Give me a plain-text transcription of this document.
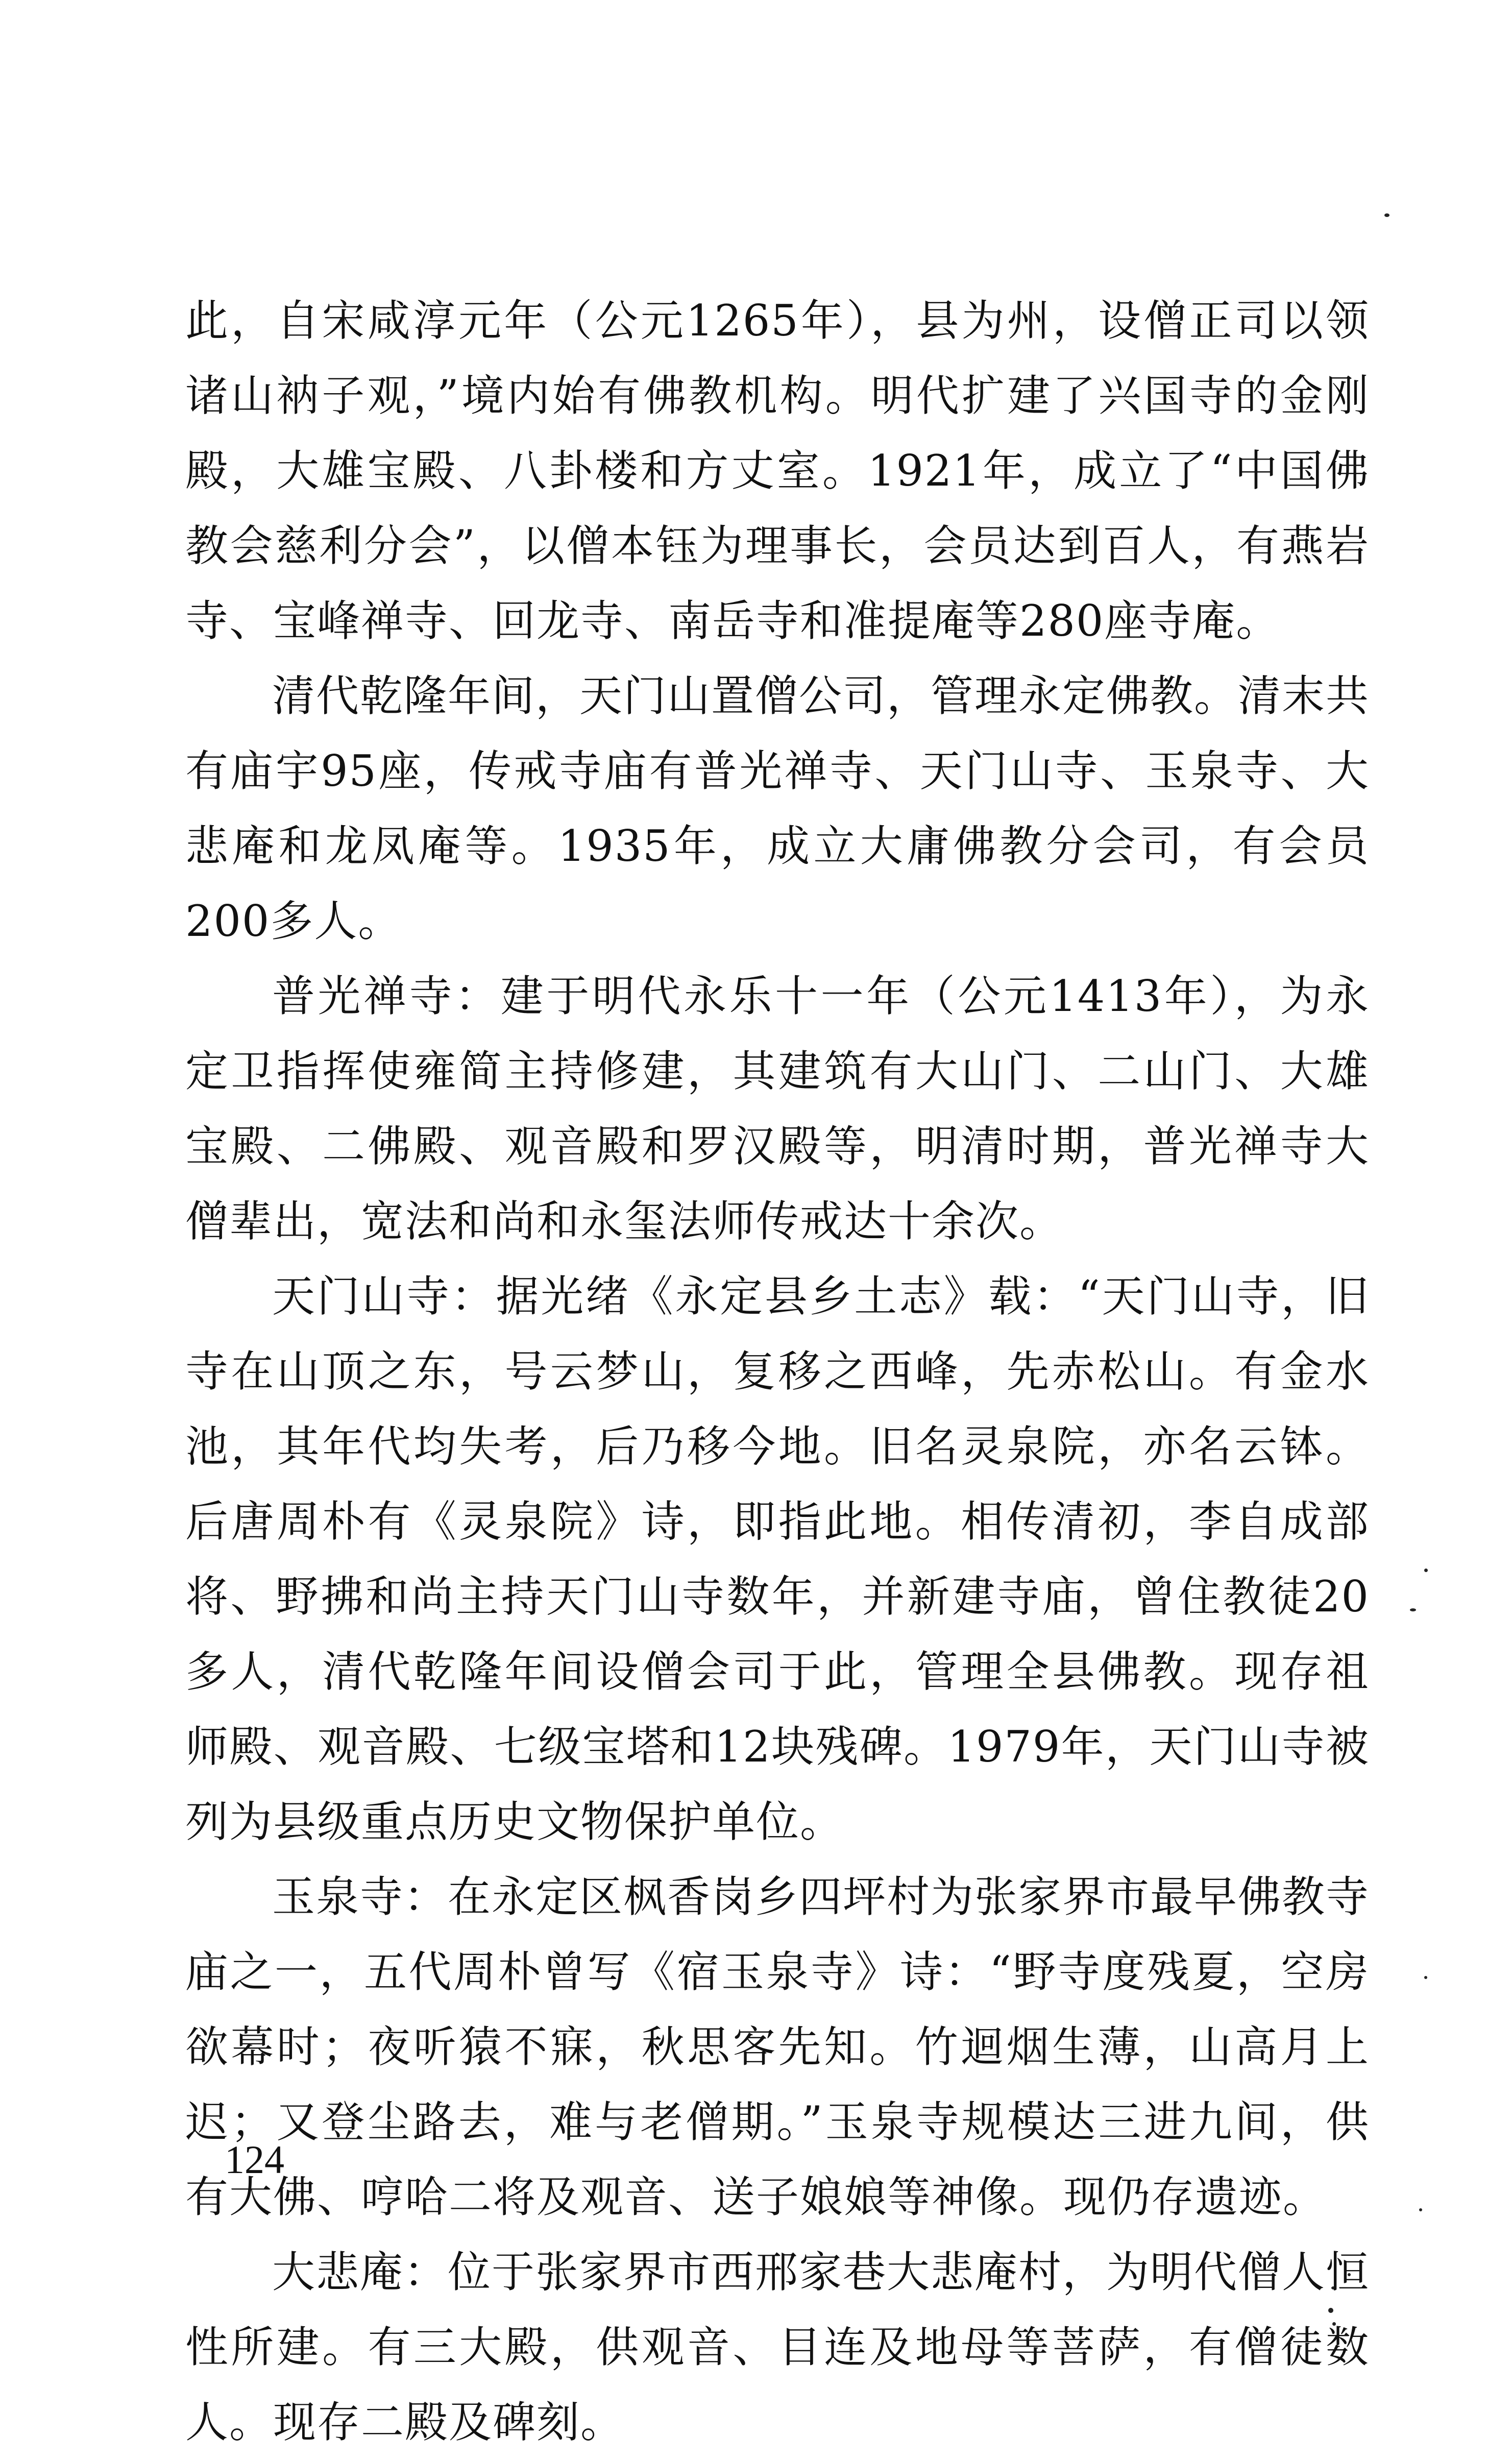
此，自宋咸淳元年（公元1265年），县为州，设僧正司以领诸山衲子观，”境内始有佛教机构。明代扩建了兴国寺的金刚殿，大雄宝殿、八卦楼和方丈室。1921年，成立了“中国佛教会慈利分会”，以僧本钰为理事长，会员达到百人，有燕岩寺、宝峰禅寺、回龙寺、南岳寺和准提庵等280座寺庵。

清代乾隆年间，天门山置僧公司，管理永定佛教。清末共有庙宇95座，传戒寺庙有普光禅寺、天门山寺、玉泉寺、大悲庵和龙凤庵等。1935年，成立大庸佛教分会司，有会员200多人。

普光禅寺：建于明代永乐十一年（公元1413年），为永定卫指挥使雍简主持修建，其建筑有大山门、二山门、大雄宝殿、二佛殿、观音殿和罗汉殿等，明清时期，普光禅寺大僧辈出，宽法和尚和永玺法师传戒达十余次。

天门山寺：据光绪《永定县乡土志》载：“天门山寺，旧寺在山顶之东，号云梦山，复移之西峰，先赤松山。有金水池，其年代均失考，后乃移今地。旧名灵泉院，亦名云钵。后唐周朴有《灵泉院》诗，即指此地。相传清初，李自成部将、野拂和尚主持天门山寺数年，并新建寺庙，曾住教徒20多人，清代乾隆年间设僧会司于此，管理全县佛教。现存祖师殿、观音殿、七级宝塔和12块残碑。1979年，天门山寺被列为县级重点历史文物保护单位。

玉泉寺：在永定区枫香岗乡四坪村为张家界市最早佛教寺庙之一，五代周朴曾写《宿玉泉寺》诗：“野寺度残夏，空房欲幕时；夜听猿不寐，秋思客先知。竹迴烟生薄，山高月上迟；又登尘路去，难与老僧期。”玉泉寺规模达三进九间，供有大佛、哼哈二将及观音、送子娘娘等神像。现仍存遗迹。

大悲庵：位于张家界市西邢家巷大悲庵村，为明代僧人恒性所建。有三大殿，供观音、目连及地母等菩萨，有僧徒数人。现存二殿及碑刻。

124
